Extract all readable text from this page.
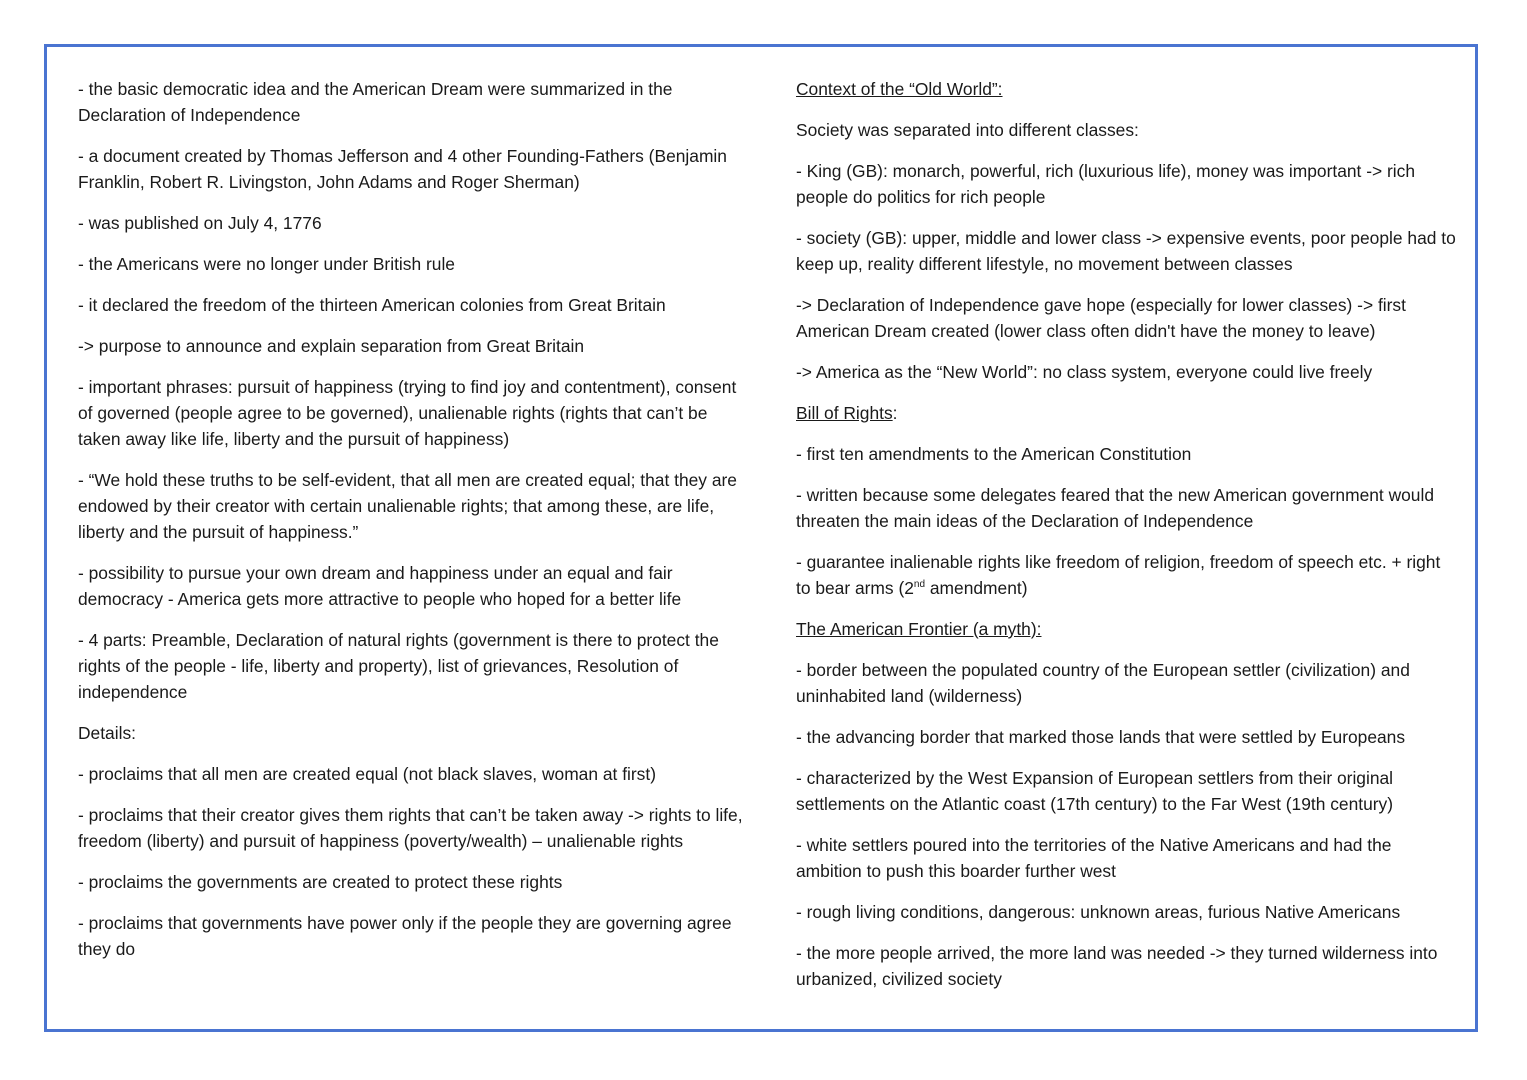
- the basic democratic idea and the American Dream were summarized in the Declaration of Independence

- a document created by Thomas Jefferson and 4 other Founding-Fathers (Benjamin Franklin, Robert R. Livingston, John Adams and Roger Sherman)

- was published on July 4, 1776

- the Americans were no longer under British rule

- it declared the freedom of the thirteen American colonies from Great Britain

-> purpose to announce and explain separation from Great Britain

- important phrases: pursuit of happiness (trying to find joy and contentment), consent of governed (people agree to be governed), unalienable rights (rights that can’t be taken away like life, liberty and the pursuit of happiness)

- “We hold these truths to be self-evident, that all men are created equal; that they are endowed by their creator with certain unalienable rights; that among these, are life, liberty and the pursuit of happiness.”

- possibility to pursue your own dream and happiness under an equal and fair democracy - America gets more attractive to people who hoped for a better life

- 4 parts: Preamble, Declaration of natural rights (government is there to protect the rights of the people - life, liberty and property), list of grievances, Resolution of independence

Details:

- proclaims that all men are created equal (not black slaves, woman at first)

- proclaims that their creator gives them rights that can’t be taken away -> rights to life, freedom (liberty) and pursuit of happiness (poverty/wealth) – unalienable rights

- proclaims the governments are created to protect these rights

- proclaims that governments have power only if the people they are governing agree they do

Context of the “Old World”:

Society was separated into different classes:

- King (GB): monarch, powerful, rich (luxurious life), money was important -> rich people do politics for rich people

- society (GB): upper, middle and lower class -> expensive events, poor people had to keep up, reality different lifestyle, no movement between classes

-> Declaration of Independence gave hope (especially for lower classes) -> first American Dream created (lower class often didn't have the money to leave)

-> America as the “New World”: no class system, everyone could live freely

Bill of Rights:

- first ten amendments to the American Constitution

- written because some delegates feared that the new American government would threaten the main ideas of the Declaration of Independence

- guarantee inalienable rights like freedom of religion, freedom of speech etc. + right to bear arms (2nd amendment)

The American Frontier (a myth):

- border between the populated country of the European settler (civilization) and uninhabited land (wilderness)

- the advancing border that marked those lands that were settled by Europeans

- characterized by the West Expansion of European settlers from their original settlements on the Atlantic coast (17th century) to the Far West (19th century)

- white settlers poured into the territories of the Native Americans and had the ambition to push this boarder further west

- rough living conditions, dangerous: unknown areas, furious Native Americans

- the more people arrived, the more land was needed -> they turned wilderness into urbanized, civilized society
